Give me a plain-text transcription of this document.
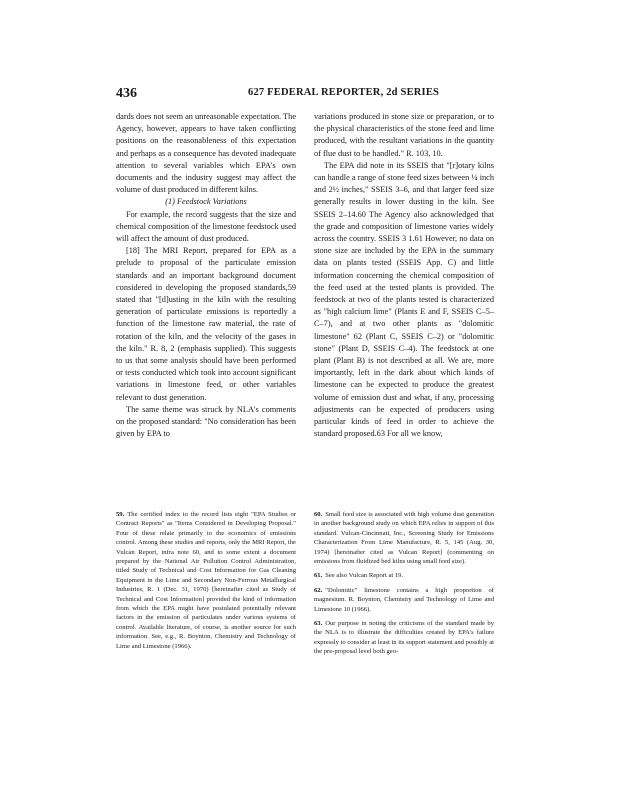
436	627 FEDERAL REPORTER, 2d SERIES

dards does not seem an unreasonable expectation. The Agency, however, appears to have taken conflicting positions on the reasonableness of this expectation and perhaps as a consequence has devoted inadequate attention to several variables which EPA's own documents and the industry suggest may affect the volume of dust produced in different kilns.

(1) Feedstock Variations

For example, the record suggests that the size and chemical composition of the limestone feedstock used will affect the amount of dust produced.

[18] The MRI Report, prepared for EPA as a prelude to proposal of the particulate emission standards and an important background document considered in developing the proposed standards,59 stated that "[d]usting in the kiln with the resulting generation of particulate emissions is reportedly a function of the limestone raw material, the rate of rotation of the kiln, and the velocity of the gases in the kiln." R. 8, 2 (emphasis supplied). This suggests to us that some analysis should have been performed or tests conducted which took into account significant variations in limestone feed, or other variables relevant to dust generation.

The same theme was struck by NLA's comments on the proposed standard: "No consideration has been given by EPA to

variations produced in stone size or preparation, or to the physical characteristics of the stone feed and lime produced, with the resultant variations in the quantity of flue dust to be handled." R. 103, 10.

The EPA did note in its SSEIS that "[r]otary kilns can handle a range of stone feed sizes between ¼ inch and 2½ inches," SSEIS 3–6, and that larger feed size generally results in lower dusting in the kiln. See SSEIS 2–14.60 The Agency also acknowledged that the grade and composition of limestone varies widely across the country. SSEIS 3 1.61 However, no data on stone size are included by the EPA in the summary data on plants tested (SSEIS App. C) and little information concerning the chemical composition of the feed used at the tested plants is provided. The feedstock at two of the plants tested is characterized as "high calcium lime" (Plants E and F, SSEIS C–5–C–7), and at two other plants as "dolomitic limestone" 62 (Plant C, SSEIS C–2) or "dolomitic stone" (Plant D, SSEIS C–4). The feedstock at one plant (Plant B) is not described at all. We are, more importantly, left in the dark about which kinds of limestone can be expected to produce the greatest volume of emission dust and what, if any, processing adjustments can be expected of producers using particular kinds of feed in order to achieve the standard proposed.63 For all we know,

59. The certified index to the record lists eight "EPA Studies or Contract Reports" as "Items Considered in Developing Proposal." Four of these relate primarily to the economics of emissions control. Among these studies and reports, only the MRI Report, the Vulcan Report, infra note 60, and to some extent a document prepared by the National Air Pollution Control Administration, titled Study of Technical and Cost Information for Gas Cleaning Equipment in the Lime and Secondary Non-Ferrous Metallurgical Industries, R. 1 (Dec. 31, 1970) [hereinafter cited as Study of Technical and Cost Information] provided the kind of information from which the EPA might have postulated potentially relevant factors in the emission of particulates under various systems of control. Available literature, of course, is another source for such information. See, e.g., R. Boynton, Chemistry and Technology of Lime and Limestone (1966).

60. Small feed size is associated with high volume dust generation in another background study on which EPA relies in support of this standard. Vulcan-Cincinnati, Inc., Screening Study for Emissions Characterization From Lime Manufacture, R. 5, 145 (Aug. 30, 1974) [hereinafter cited as Vulcan Report] (commenting on emissions from fluidized bed kilns using small feed size).

61. See also Vulcan Report at 19.

62. "Dolomitic" limestone contains a high proportion of magnesium. R. Boynton, Chemistry and Technology of Lime and Limestone 10 (1966).

63. Our purpose in noting the criticisms of the standard made by the NLA is to illustrate the difficulties created by EPA's failure expressly to consider at least in its support statement and possibly at the pre-proposal level both geo-
